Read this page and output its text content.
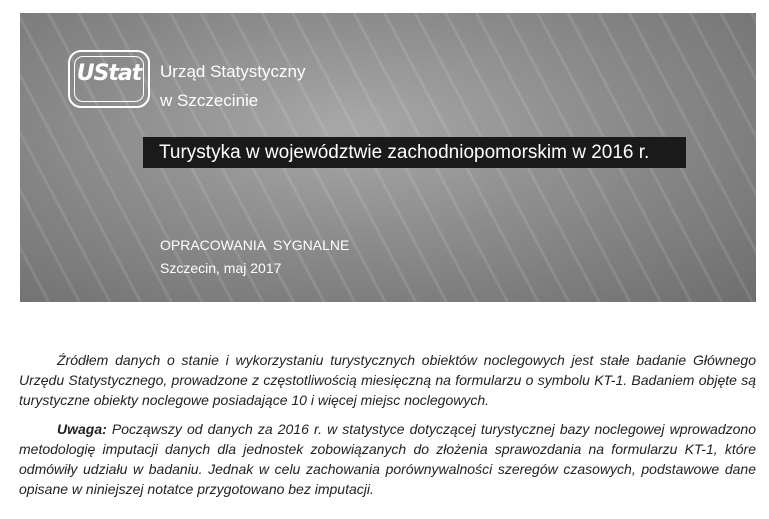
UStat	Urząd Statystyczny
w Szczecinie
Turystyka w województwie zachodniopomorskim w 2016 r.
OPRACOWANIA  SYGNALNE
Szczecin, maj 2017

Źródłem danych o stanie i wykorzystaniu turystycznych obiektów noclegowych jest stałe badanie Głównego Urzędu Statystycznego, prowadzone z częstotliwością miesięczną na formularzu o symbolu KT-1. Badaniem objęte są turystyczne obiekty noclegowe posiadające 10 i więcej miejsc noclegowych.

Uwaga: Począwszy od danych za 2016 r. w statystyce dotyczącej turystycznej bazy noclegowej wprowadzono metodologię imputacji danych dla jednostek zobowiązanych do złożenia sprawozdania na formularzu KT-1, które odmówiły udziału w badaniu. Jednak w celu zachowania porównywalności szeregów czasowych, podstawowe dane opisane w niniejszej notatce przygotowano bez imputacji.
